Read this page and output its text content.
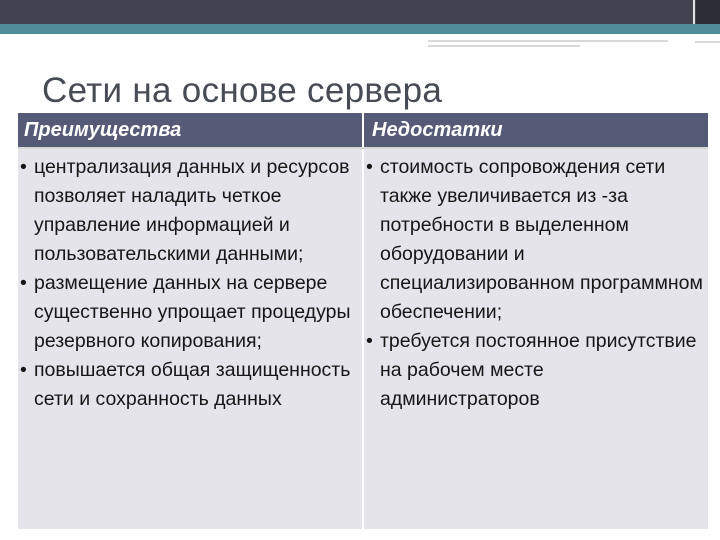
Сети на основе сервера
Преимущества	Недостатки
• централизация данных и ресурсов позволяет наладить четкое управление информацией и пользовательскими данными;
• размещение данных на сервере существенно упрощает процедуры резервного копирования;
• повышается общая защищенность сети и сохранность данных
• стоимость сопровождения сети также увеличивается из -за потребности в выделенном оборудовании и специализированном программном обеспечении;
• требуется постоянное присутствие на рабочем месте администраторов
